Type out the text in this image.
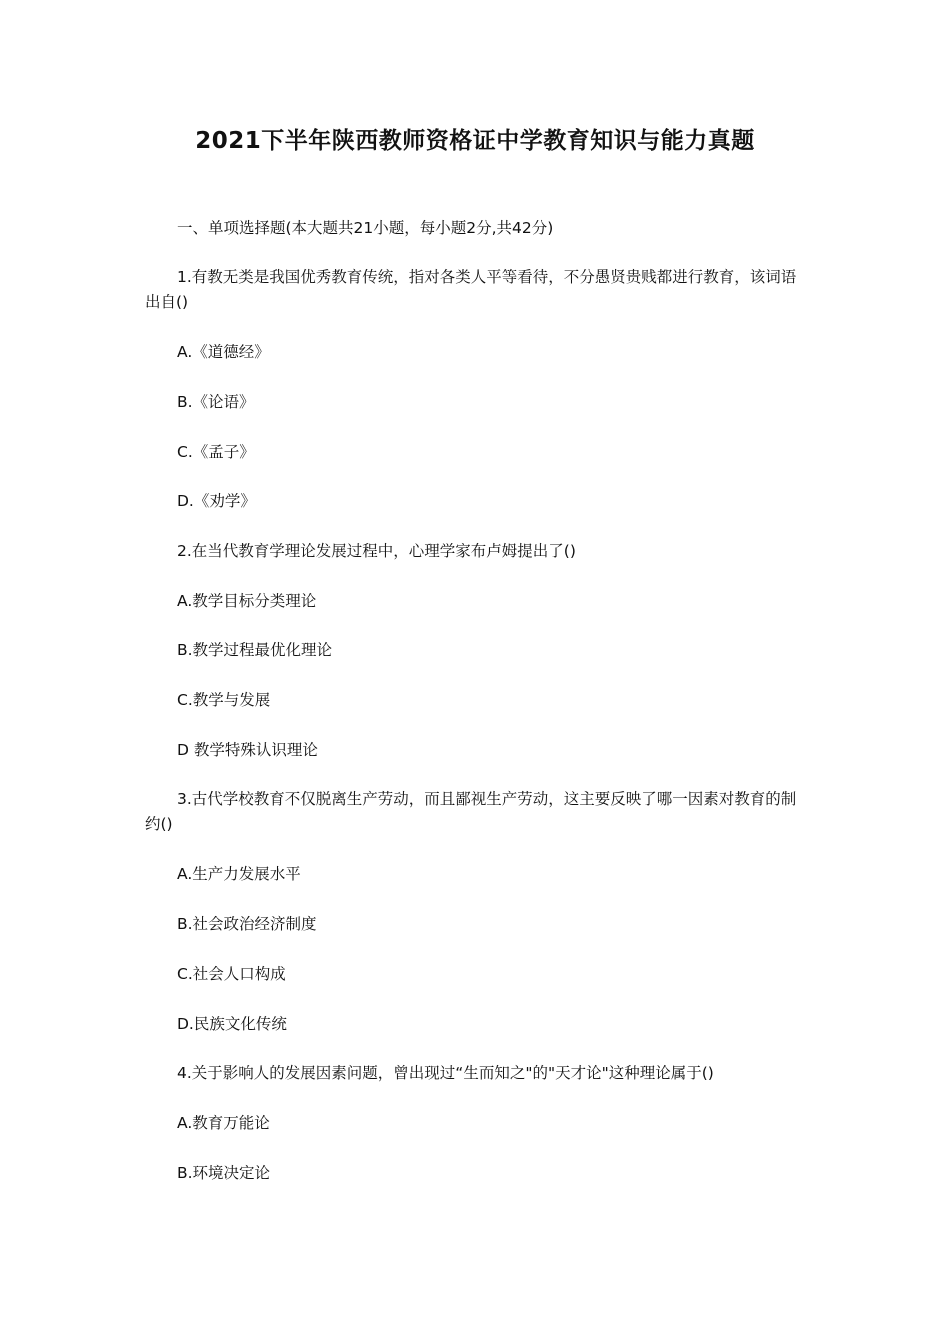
2021下半年陕西教师资格证中学教育知识与能力真题
一、单项选择题(本大题共21小题，每小题2分,共42分)
1.有教无类是我国优秀教育传统，指对各类人平等看待，不分愚贤贵贱都进行教育，该词语出自()
A.《道德经》
B.《论语》
C.《孟子》
D.《劝学》
2.在当代教育学理论发展过程中，心理学家布卢姆提出了()
A.教学目标分类理论
B.教学过程最优化理论
C.教学与发展
D 教学特殊认识理论
3.古代学校教育不仅脱离生产劳动，而且鄙视生产劳动，这主要反映了哪一因素对教育的制约()
A.生产力发展水平
B.社会政治经济制度
C.社会人口构成
D.民族文化传统
4.关于影响人的发展因素问题，曾出现过“生而知之"的"天才论"这种理论属于()
A.教育万能论
B.环境决定论
